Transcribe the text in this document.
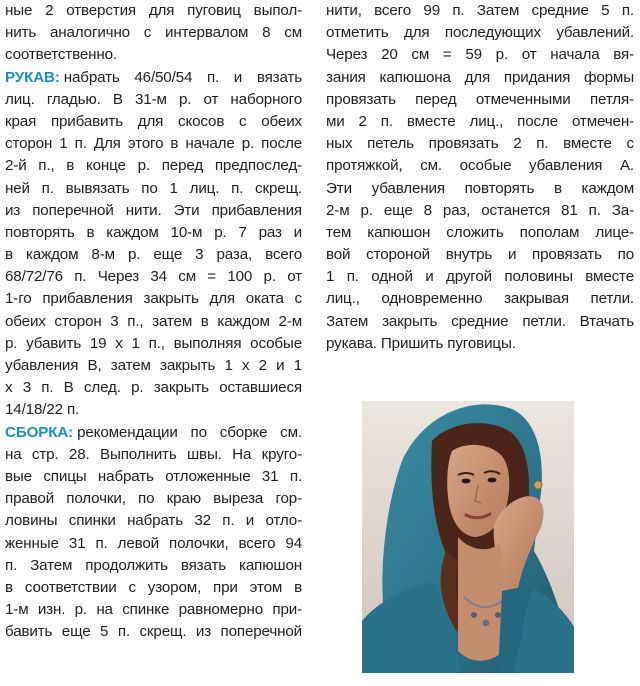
ные 2 отверстия для пуговиц выпол-
нить аналогично с интервалом 8 см
соответственно.
РУКАВ: набрать 46/50/54 п. и вязать
лиц. гладью. В 31-м р. от наборного
края прибавить для скосов с обеих
сторон 1 п. Для этого в начале р. после
2-й п., в конце р. перед предпослед-
ней п. вывязать по 1 лиц. п. скрещ.
из поперечной нити. Эти прибавления
повторять в каждом 10-м р. 7 раз и
в каждом 8-м р. еще 3 раза, всего
68/72/76 п. Через 34 см = 100 р. от
1-го прибавления закрыть для оката с
обеих сторон 3 п., затем в каждом 2-м
р. убавить 19 х 1 п., выполняя особые
убавления В, затем закрыть 1 х 2 и 1
х 3 п. В след. р. закрыть оставшиеся
14/18/22 п.
СБОРКА: рекомендации по сборке см.
на стр. 28. Выполнить швы. На круго-
вые спицы набрать отложенные 31 п.
правой полочки, по краю выреза гор-
ловины спинки набрать 32 п. и отло-
женные 31 п. левой полочки, всего 94
п. Затем продолжить вязать капюшон
в соответствии с узором, при этом в
1-м изн. р. на спинке равномерно при-
бавить еще 5 п. скрещ. из поперечной
нити, всего 99 п. Затем средние 5 п.
отметить для последующих убавлений.
Через 20 см = 59 р. от начала вя-
зания капюшона для придания формы
провязать перед отмеченными петля-
ми 2 п. вместе лиц., после отмечен-
ных петель провязать 2 п. вместе с
протяжкой, см. особые убавления А.
Эти убавления повторять в каждом
2-м р. еще 8 раз, останется 81 п. За-
тем капюшон сложить пополам лице-
вой стороной внутрь и провязать по
1 п. одной и другой половины вместе
лиц., одновременно закрывая петли.
Затем закрыть средние петли. Втачать
рукава. Пришить пуговицы.
